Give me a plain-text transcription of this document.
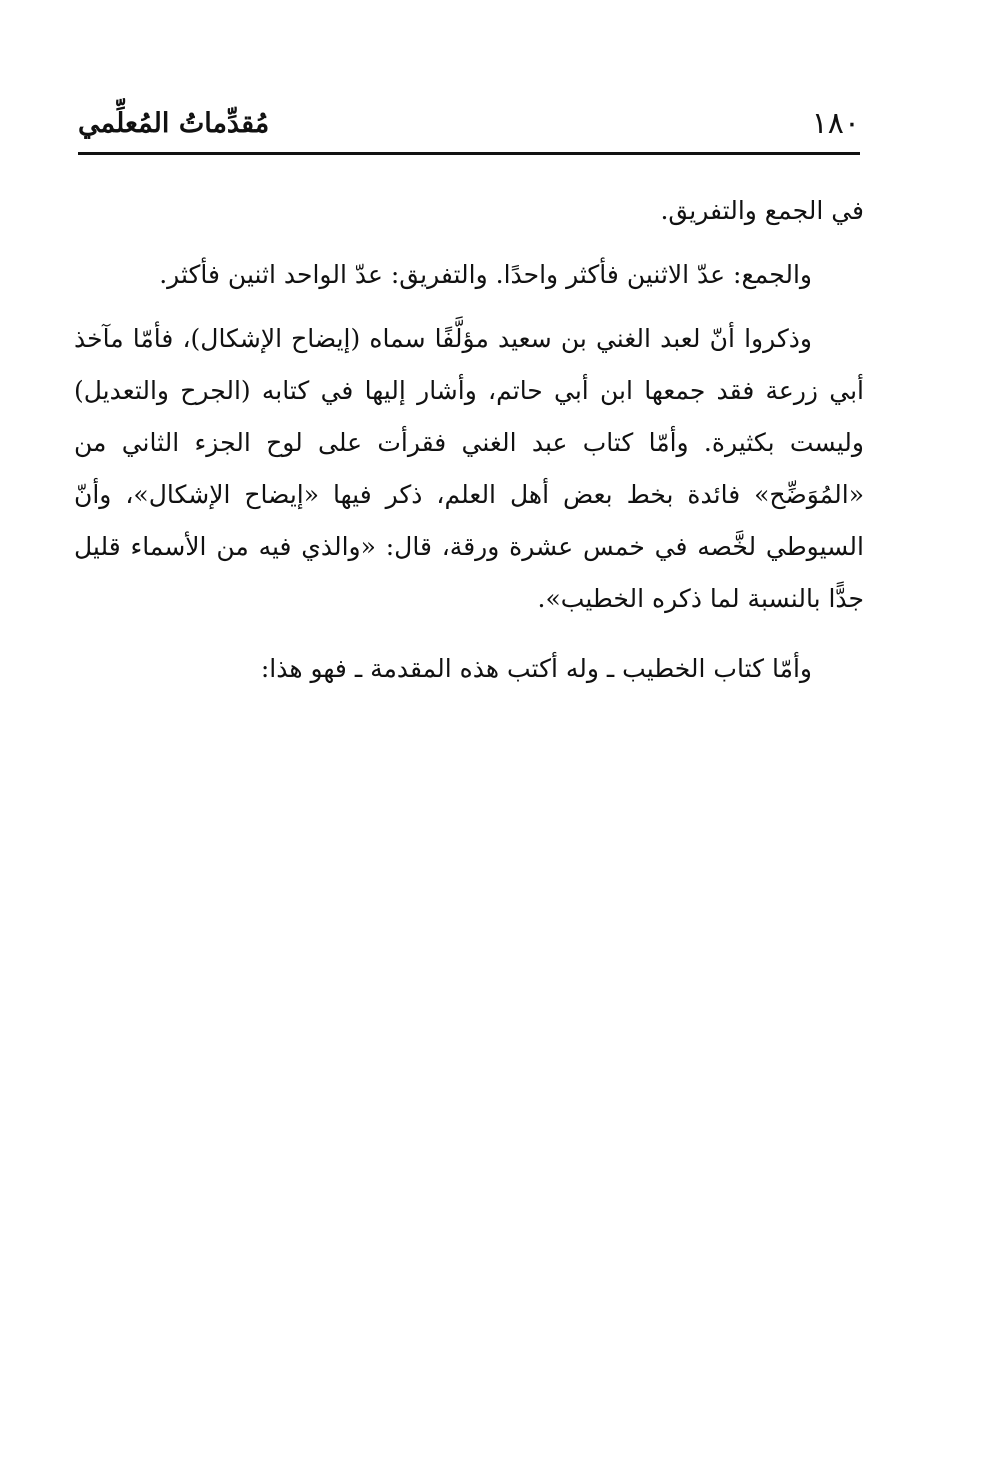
مُقدِّماتُ المُعلِّمي	١٨٠

في الجمع والتفريق.

والجمع: عدّ الاثنين فأكثر واحدًا. والتفريق: عدّ الواحد اثنين فأكثر.

وذكروا أنّ لعبد الغني بن سعيد مؤلَّفًا سماه (إيضاح الإشكال)، فأمّا مآخذ أبي زرعة فقد جمعها ابن أبي حاتم، وأشار إليها في كتابه (الجرح والتعديل) وليست بكثيرة. وأمّا كتاب عبد الغني فقرأت على لوح الجزء الثاني من «المُوَضِّح» فائدة بخط بعض أهل العلم، ذكر فيها «إيضاح الإشكال»، وأنّ السيوطي لخَّصه في خمس عشرة ورقة، قال: «والذي فيه من الأسماء قليل جدًّا بالنسبة لما ذكره الخطيب».

وأمّا كتاب الخطيب ـ وله أكتب هذه المقدمة ـ فهو هذا:
